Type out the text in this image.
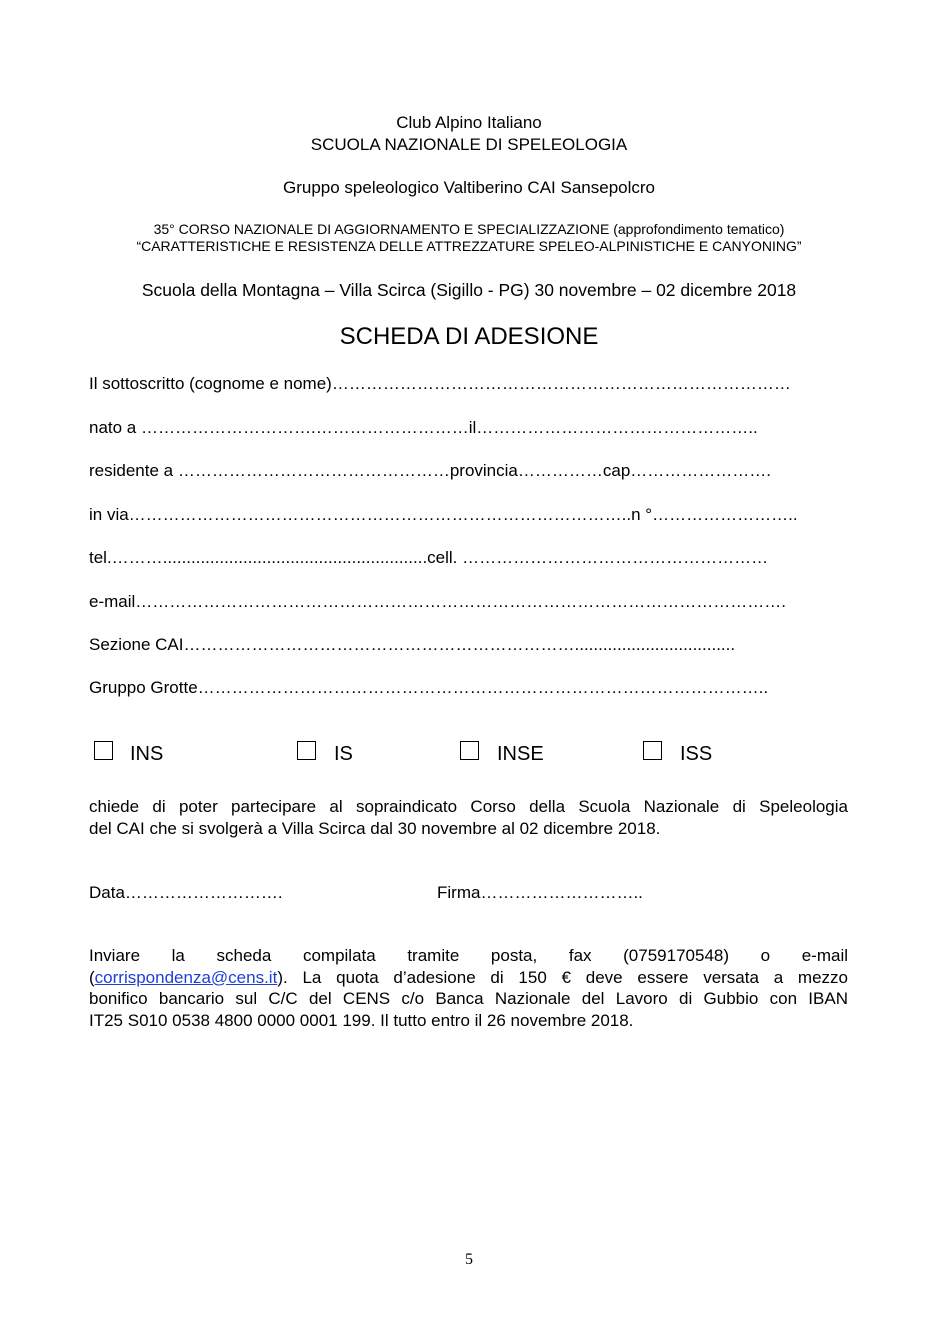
Club Alpino Italiano
SCUOLA NAZIONALE DI SPELEOLOGIA
Gruppo speleologico Valtiberino CAI Sansepolcro
35° CORSO NAZIONALE DI AGGIORNAMENTO E SPECIALIZZAZIONE (approfondimento tematico)
“CARATTERISTICHE E RESISTENZA DELLE ATTREZZATURE SPELEO-ALPINISTICHE E CANYONING”
Scuola della Montagna – Villa Scirca (Sigillo - PG) 30 novembre – 02 dicembre 2018
SCHEDA DI ADESIONE
Il sottoscritto (cognome e nome)………………………………………………………………………
nato a ………………………….………………………il…………………………………………..
residente a …………………………………………provincia……………cap…………………….
in via……………………………………………………………………………..n °……………………..
tel.………........................................................cell. ………………………………………………
e-mail…………………………………………………………………………………………………….
Sezione CAI……………………………………………………………..................................
Gruppo Grotte………………………………………………………………………………………..
INS	IS	INSE	ISS
chiede di poter partecipare al sopraindicato Corso della Scuola Nazionale di Speleologia
del CAI che si svolgerà a Villa Scirca dal 30 novembre al 02 dicembre 2018.
Data……………………….	Firma………………………..
Inviare la scheda compilata tramite posta, fax (0759170548) o e-mail
(corrispondenza@cens.it). La quota d’adesione di 150 € deve essere versata a mezzo
bonifico bancario sul C/C del CENS c/o Banca Nazionale del Lavoro di Gubbio con IBAN
IT25 S010 0538 4800 0000 0001 199. Il tutto entro il 26 novembre 2018.
5
